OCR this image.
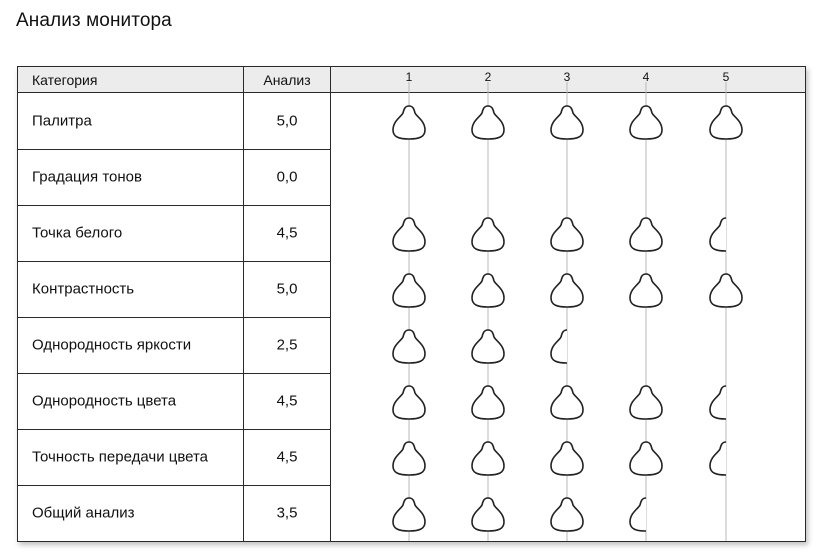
Анализ монитора
Категория	Анализ	1	2	3	4	5
Палитра	5,0
Градация тонов	0,0
Точка белого	4,5
Контрастность	5,0
Однородность яркости	2,5
Однородность цвета	4,5
Точность передачи цвета	4,5
Общий анализ	3,5
